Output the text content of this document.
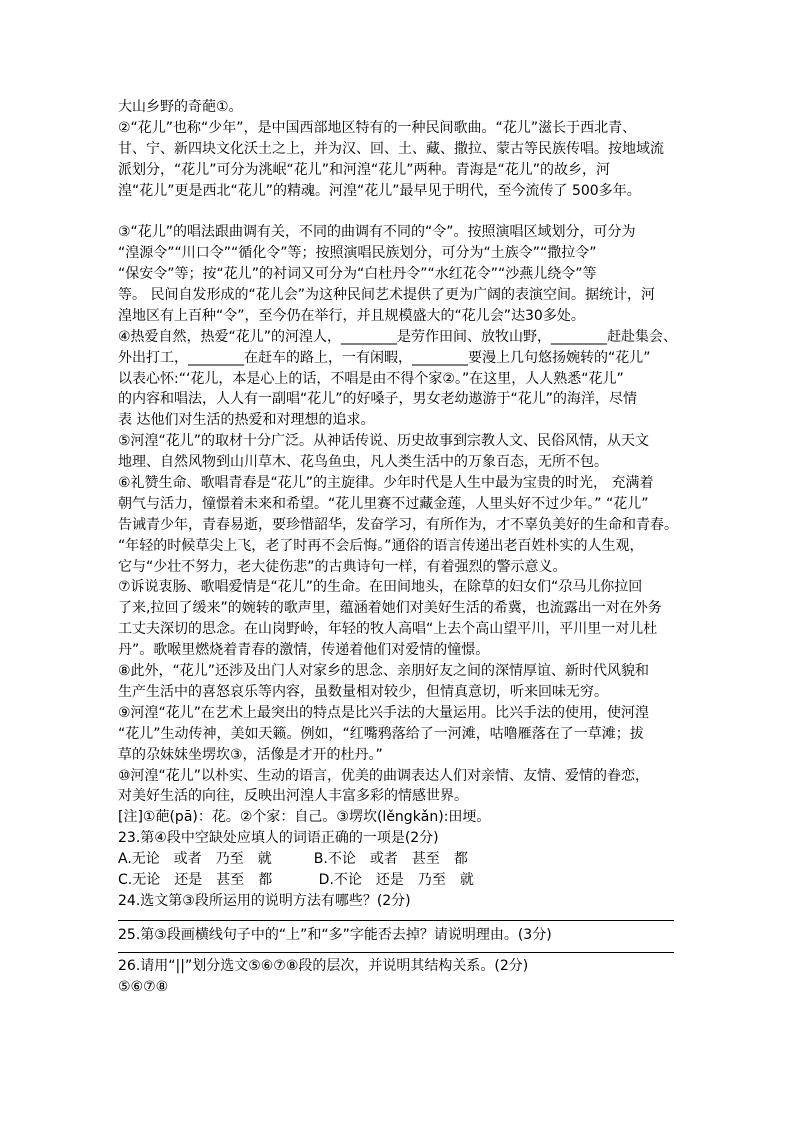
大山乡野的奇葩①。
②“花儿”也称“少年”，是中国西部地区特有的一种民间歌曲。“花儿”滋长于西北青、
甘、宁、新四块文化沃土之上，并为汉、回、土、藏、撒拉、蒙古等民族传唱。按地域流
派划分，“花儿”可分为洮岷“花儿”和河湟“花儿”两种。青海是“花儿”的故乡，河
湟“花儿”更是西北“花儿”的精魂。河湟“花儿”最早见于明代，至今流传了 500多年。
③“花儿”的唱法跟曲调有关，不同的曲调有不同的“令”。按照演唱区域划分，可分为
“湟源令”“川口令”“循化令”等；按照演唱民族划分，可分为“土族令”“撒拉令”
“保安令”等；按“花儿”的衬词又可分为“白杜丹令”“水红花令”“沙燕儿绕令”等
等。 民间自发形成的“花儿会”为这种民间艺术提供了更为广阔的表演空间。据统计，河
湟地区有上百种“令”，至今仍在举行，并且规模盛大的“花儿会”达30多处。
④热爱自然，热爱“花儿”的河湟人，________是劳作田间、放牧山野，________赶赴集会、
外出打工，________在赶车的路上，一有闲暇，________要漫上几句悠扬婉转的“花儿”
以表心怀:“‘花儿，本是心上的话，不唱是由不得个家②。”在这里，人人熟悉“花儿”
的内容和唱法，人人有一副唱“花儿”的好嗓子，男女老幼遨游于“花儿”的海洋，尽情
表 达他们对生活的热爱和对理想的追求。
⑤河湟“花儿”的取材十分广泛。从神话传说、历史故事到宗教人文、民俗风情，从天文
地理、自然风物到山川草木、花鸟鱼虫，凡人类生活中的万象百态，无所不包。
⑥礼赞生命、歌唱青春是“花儿”的主旋律。少年时代是人生中最为宝贵的时光， 充满着
朝气与活力，憧憬着未来和希望。“花儿里赛不过藏金莲，人里头好不过少年。” “花儿”
告诫青少年，青春易逝，要珍惜韶华，发奋学习，有所作为，才不辜负美好的生命和青春。
“年轻的时候草尖上飞，老了时再不会后悔。”通俗的语言传递出老百姓朴实的人生观，
它与“少壮不努力，老大徒伤悲”的古典诗句一样，有着强烈的警示意义。
⑦诉说衷肠、歌唱爱情是“花儿”的生命。在田间地头，在除草的妇女们“尕马儿你拉回
了来,拉回了缓来”的婉转的歌声里，蕴涵着她们对美好生活的希冀，也流露出一对在外务
工丈夫深切的思念。在山岗野岭，年轻的牧人高唱“上去个高山望平川，平川里一对儿杜
丹”。歌喉里燃烧着青春的激情，传递着他们对爱情的憧憬。
⑧此外，“花儿”还涉及出门人对家乡的思念、亲朋好友之间的深情厚谊、新时代风貌和
生产生活中的喜怒哀乐等内容，虽数量相对较少，但情真意切，听来回味无穷。
⑨河湟“花儿”在艺术上最突出的特点是比兴手法的大量运用。比兴手法的使用，使河湟
“花儿”生动传神，美如天籁。例如，“红嘴鸦落给了一河滩，咕噜雁落在了一草滩；拔
草的尕妹妹坐塄坎③，活像是才开的杜丹。”
⑩河湟“花儿”以朴实、生动的语言，优美的曲调表达人们对亲情、友情、爱情的眷恋，
对美好生活的向往，反映出河湟人丰富多彩的情感世界。
[注]①葩(pā)：花。②个家：自己。③塄坎(lěngkǎn):田埂。
23.第④段中空缺处应填人的词语正确的一项是(2分)
A.无论　或者　乃至　就　　　B.不论　或者　甚至　都
C.无论　还是　甚至　都　　　 D.不论　还是　乃至　就
24.选文第③段所运用的说明方法有哪些？(2分)
25.第③段画横线句子中的“上”和“多”字能否去掉？请说明理由。(3分)
26.请用“||”划分选文⑤⑥⑦⑧段的层次，并说明其结构关系。(2分)
⑤⑥⑦⑧
